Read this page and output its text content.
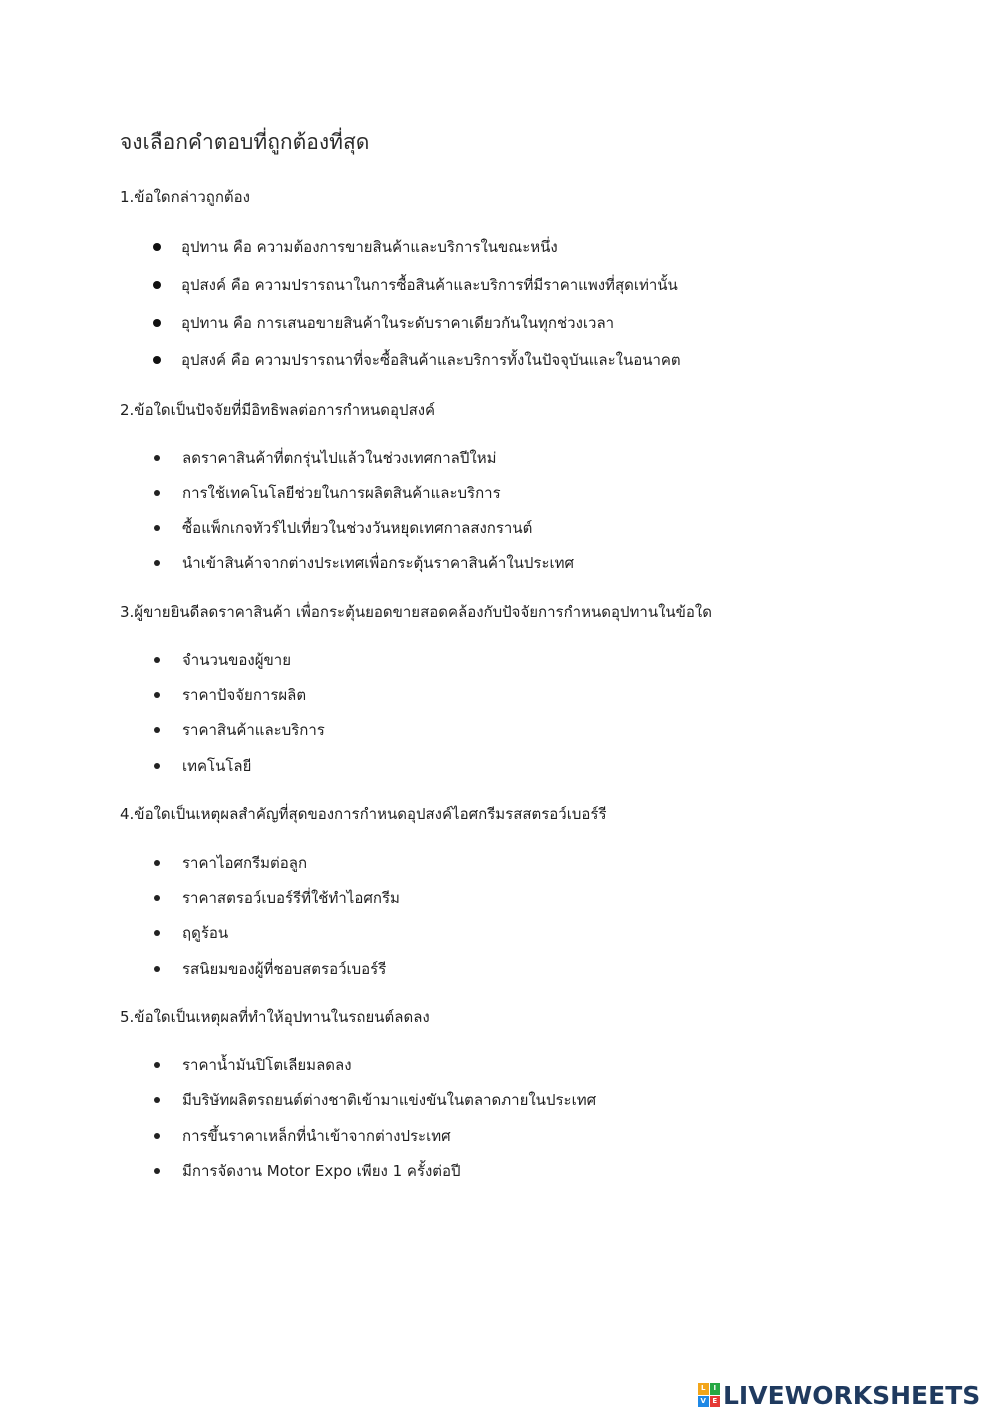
จงเลือกคำตอบที่ถูกต้องที่สุด
1.ข้อใดกล่าวถูกต้อง
อุปทาน คือ ความต้องการขายสินค้าและบริการในขณะหนึ่ง
อุปสงค์ คือ ความปรารถนาในการซื้อสินค้าและบริการที่มีราคาแพงที่สุดเท่านั้น
อุปทาน คือ การเสนอขายสินค้าในระดับราคาเดียวกันในทุกช่วงเวลา
อุปสงค์ คือ ความปรารถนาที่จะซื้อสินค้าและบริการทั้งในปัจจุบันและในอนาคต
2.ข้อใดเป็นปัจจัยที่มีอิทธิพลต่อการกำหนดอุปสงค์
ลดราคาสินค้าที่ตกรุ่นไปแล้วในช่วงเทศกาลปีใหม่
การใช้เทคโนโลยีช่วยในการผลิตสินค้าและบริการ
ซื้อแพ็กเกจทัวร์ไปเที่ยวในช่วงวันหยุดเทศกาลสงกรานต์
นำเข้าสินค้าจากต่างประเทศเพื่อกระตุ้นราคาสินค้าในประเทศ
3.ผู้ขายยินดีลดราคาสินค้า เพื่อกระตุ้นยอดขายสอดคล้องกับปัจจัยการกำหนดอุปทานในข้อใด
จำนวนของผู้ขาย
ราคาปัจจัยการผลิต
ราคาสินค้าและบริการ
เทคโนโลยี
4.ข้อใดเป็นเหตุผลสำคัญที่สุดของการกำหนดอุปสงค์ไอศกรีมรสสตรอว์เบอร์รี
ราคาไอศกรีมต่อลูก
ราคาสตรอว์เบอร์รีที่ใช้ทำไอศกรีม
ฤดูร้อน
รสนิยมของผู้ที่ชอบสตรอว์เบอร์รี
5.ข้อใดเป็นเหตุผลที่ทำให้อุปทานในรถยนต์ลดลง
ราคาน้ำมันปิโตเลียมลดลง
มีบริษัทผลิตรถยนต์ต่างชาติเข้ามาแข่งขันในตลาดภายในประเทศ
การขึ้นราคาเหล็กที่นำเข้าจากต่างประเทศ
มีการจัดงาน Motor Expo เพียง 1 ครั้งต่อปี
L	I
V E LIVEWORKSHEETS
